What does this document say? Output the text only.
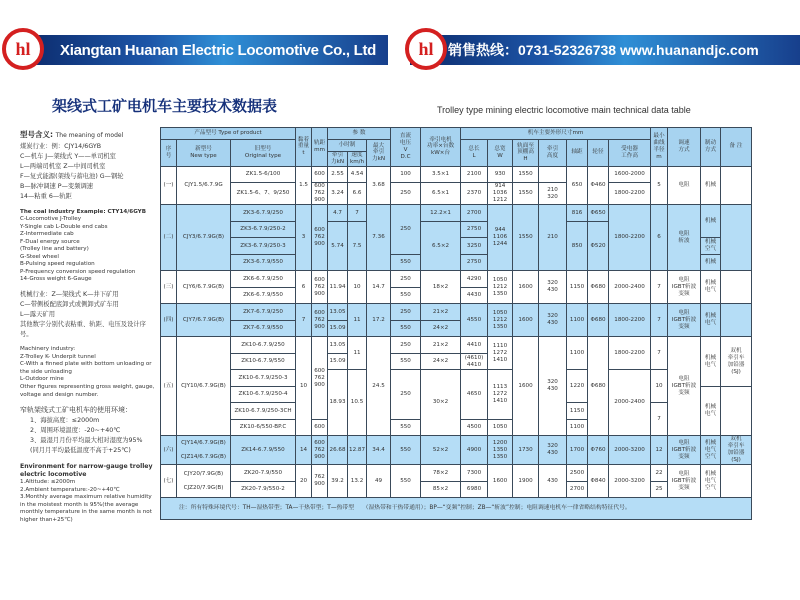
hl	Xiangtan Huanan Electric Locomotive Co., Ltd	hl	销售热线：0731-52326738 www.huanandjc.com
架线式工矿电机车主要技术数据表	Trolley type mining electric locomotive main technical data table
型号含义: The meaning of model

煤炭行业：例：CJY14/6GYB

C—机车 J—架线式 Y——单司机室

L—两端司机室 Z—中间司机室

F—复式能源(架线与蓄电池) G—钢轮

B—脉冲调速 P—变频调速

14—粘重 6—轨距

The coal industry Example: CTY14/6GYB

C-Locomotive J-Trolley

Y-Single cab L-Double end cabs

Z-Intermediate cab

F-Dual energy source

(Trolley line and battery)

G-Steel wheel

B-Pulsing speed regulation

P-Frequency conversion speed regulation

14-Gross weight 6-Gauge

机械行业：Z—架线式 K—井下矿用

C—带侧板配底卸式或侧卸式矿车用

L—露天矿用

其他数字分别代表粘重、轨距、电压及设计序号。

Machinery industry:

Z-Trolley K- Underpit tunnel

C-With a finned plate with bottom unloading or the side unloading

L-Outdoor mine

Other figures representing gross weight, gauge, voltage and design number.

窄轨架线式工矿电机车的使用环境：

1、海拔高度：≤2000m

2、周围环境温度：-20~+40℃

3、最湿月月份平均最大相对湿度为95%

(同月月平均最低温度不高于+25℃)

Environment for narrow-gauge trolley electric locomotive

1.Altitude: ≤2000m

2.Ambient temperature:-20~+40℃

3.Monthly average maximum relative humidity in the moistest month is 95%(the average monthly temperature in the same month is not higher than+25℃)

产品型号 Type of product			黏着
重量
t	轨距
mm	参 数			直流
电压
V
D.C	牵引电机
功率×台数
kW×台	机车主要外形尺寸mm							最小
曲线
半径
m	调速
方式	制动
方式	备 注
序
号	新型号
New type	旧型号
Original type			小时制		最大
牵引
力kN			总长
L	总宽
W	轨面至
顶棚高
H	牵引
高度	轴距	轮径	受电器
工作高				
					牵引
力kN	速度
km/h														
(一)	CJY1.5/6.7.9G	ZK1.5-6/100	1.5	600	2.55	4.54	3.68	100	3.5×1	2100	930	1550		650	Φ460	1600-2000	5	电阻	机械	
		ZK1.5-6、7、9/250		600
762
900	3.24	6.6		250	6.5×1	2370	914
1036
1212	1550	210
320			1800-2200				
(二)	CJY3/6.7.9G(B)	ZK3-6.7.9/250	3	600
762
900	4.7	7	7.36	250	12.2×1	2700	944
1106
1244	1550	210	816	Φ650	1800-2200	6	电阻
斩波	机械	
		ZK3-6.7.9/250-2			5.74	7.5			6.5×2	2750				850	Φ520					
		ZK3-6.7.9/250-3								3250									机械
空气	
		ZK3-6.7.9/550						550		2750									机械	
(三)	CJY6/6.7.9G(B)	ZK6-6.7.9/250	6	600
762
900	11.94	10	14.7	250	18×2	4290	1050
1212
1350	1600	320
430	1150	Φ680	2000-2400	7	电阻
IGBT斩波
变频	机械
电气	
		ZK6-6.7.9/550						550		4430										
(四)	CJY7/6.7.9G(B)	ZK7-6.7.9/250	7	600
762
900	13.05	11	17.2	250	21×2	4550	1050
1212
1350	1600	320
430	1100	Φ680	1800-2200	7	电阻
IGBT斩波
变频	机械
电气	
		ZK7-6.7.9/550			15.09			550	24×2											
(五)	CJY10/6.7.9G(B)	ZK10-6.7.9/250	10	600
762
900	13.05	11	24.5	250	21×2	4410	1110
1272
1410	1600	320
430	1100	Φ680	1800-2200	7	电阻
IGBT斩波
变频	机械
电气	双机
牵引车
加铅器
(SJ)
		ZK10-6.7.9/550			15.09			550	24×2	(4610)
4410										
		ZK10-6.7.9/250-3			18.93	10.5		250	30×2	4650	1113
1272
1410			1220		2000-2400	10			
		ZK10-6.7.9/250-4																	机械
电气	
		ZK10-6.7.9/250-3CH												1150			7			
		ZK10-6/550-BP.C		600				550		4500	1050			1100						
(六)	CJY14/6.7.9G(B)

CJZ14/6.7.9G(B)	ZK14-6.7.9/550	14	600
762
900	26.68	12.87	34.4	550	52×2	4900	1200
1350
1350	1730	320
430	1700	Φ760	2000-3200	12	电阻
IGBT斩波
变频	机械
电气
空气	双机
牵引车
加铅器
(SJ)
(七)	CJY20/7.9G(B)

CJZ20/7.9G(B)	ZK20-7.9/550	20	762
900	39.2	13.2	49	550	78×2	7300	1600	1900	430	2500	Φ840	2000-3200	22	电阻
IGBT斩波
变频	机械
电气
空气	
		ZK20-7.9/550-2							85×2	6980				2700			25			
注：所有特殊环境代号：TH—湿热带型；TA—干热带型；T—热带型　　（湿热带和干热带通用）；BP—“变频”控制；ZB—“斩波”控制；电阻调速电机车一律省略结构特征代号。																				
